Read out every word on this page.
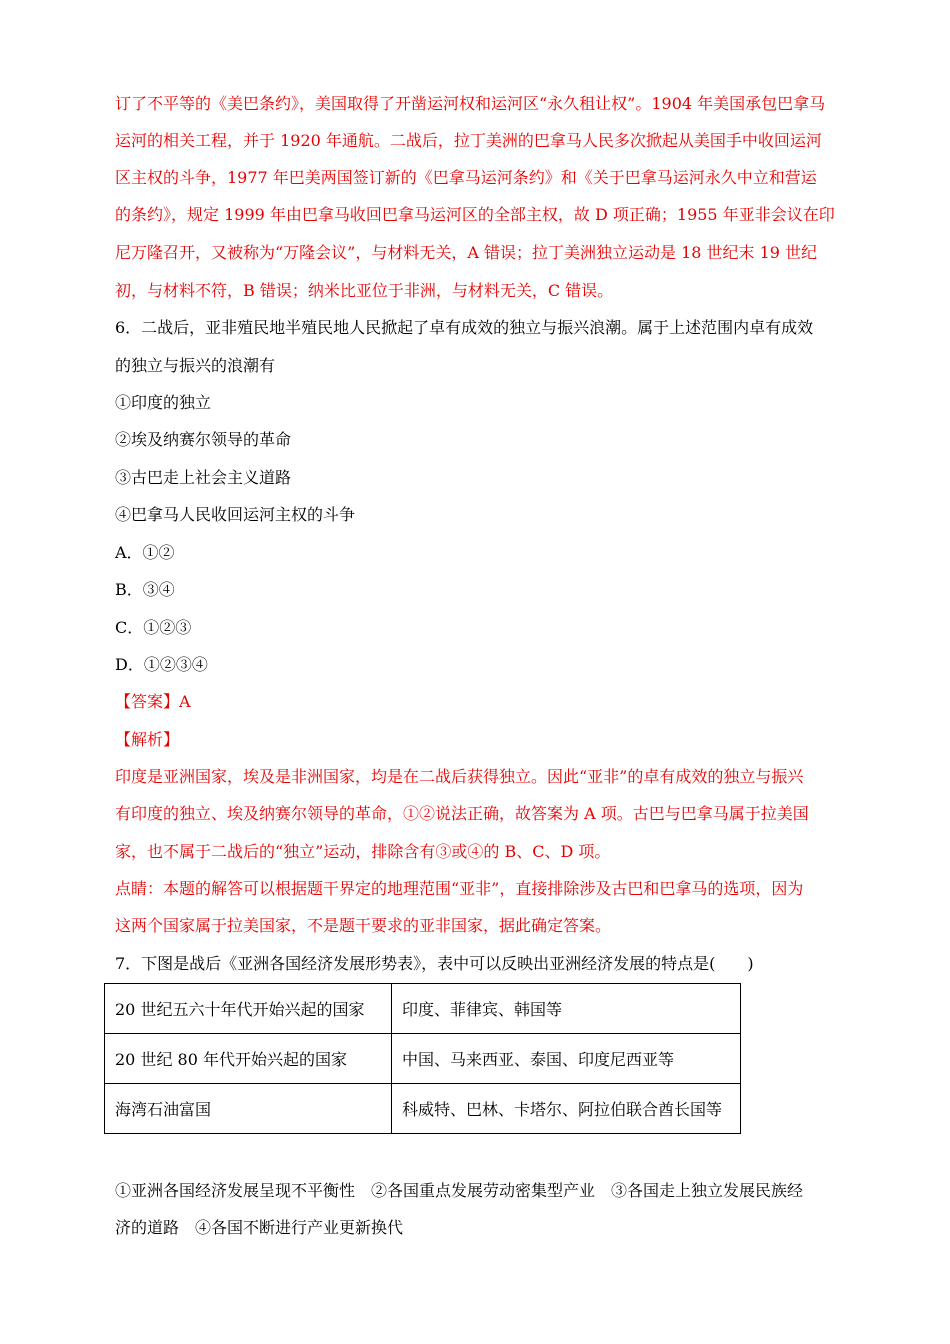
订了不平等的《美巴条约》，美国取得了开凿运河权和运河区“永久租让权”。1904 年美国承包巴拿马
运河的相关工程，并于 1920 年通航。二战后，拉丁美洲的巴拿马人民多次掀起从美国手中收回运河
区主权的斗争，1977 年巴美两国签订新的《巴拿马运河条约》和《关于巴拿马运河永久中立和营运
的条约》，规定 1999 年由巴拿马收回巴拿马运河区的全部主权，故 D 项正确；1955 年亚非会议在印
尼万隆召开，又被称为“万隆会议”，与材料无关，A 错误；拉丁美洲独立运动是 18 世纪末 19 世纪
初，与材料不符，B 错误；纳米比亚位于非洲，与材料无关，C 错误。
6．二战后，亚非殖民地半殖民地人民掀起了卓有成效的独立与振兴浪潮。属于上述范围内卓有成效
的独立与振兴的浪潮有
①印度的独立
②埃及纳赛尔领导的革命
③古巴走上社会主义道路
④巴拿马人民收回运河主权的斗争
A．①②
B．③④
C．①②③
D．①②③④
【答案】A
【解析】
印度是亚洲国家，埃及是非洲国家，均是在二战后获得独立。因此“亚非”的卓有成效的独立与振兴
有印度的独立、埃及纳赛尔领导的革命，①②说法正确，故答案为 A 项。古巴与巴拿马属于拉美国
家，也不属于二战后的“独立”运动，排除含有③或④的 B、C、D 项。
点睛：本题的解答可以根据题干界定的地理范围“亚非”，直接排除涉及古巴和巴拿马的选项，因为
这两个国家属于拉美国家，不是题干要求的亚非国家，据此确定答案。
7．下图是战后《亚洲各国经济发展形势表》，表中可以反映出亚洲经济发展的特点是(　　)
20 世纪五六十年代开始兴起的国家	印度、菲律宾、韩国等
20 世纪 80 年代开始兴起的国家	中国、马来西亚、泰国、印度尼西亚等
海湾石油富国	科威特、巴林、卡塔尔、阿拉伯联合酋长国等
①亚洲各国经济发展呈现不平衡性　②各国重点发展劳动密集型产业　③各国走上独立发展民族经
济的道路　④各国不断进行产业更新换代
